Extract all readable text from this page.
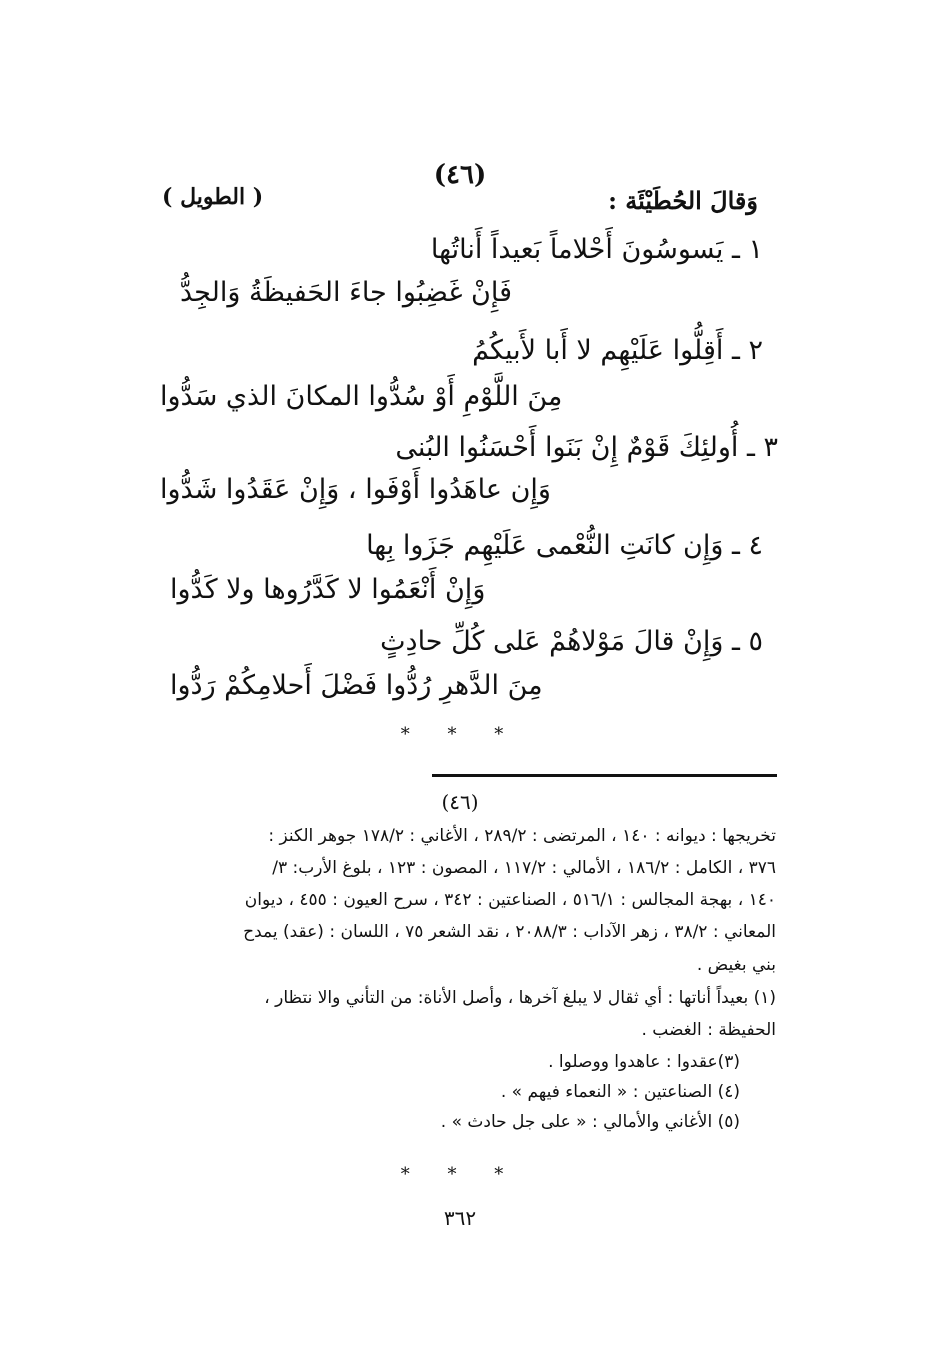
(٤٦)
وَقالَ الحُطَيْئَة :
( الطويل )
١ ـ يَسوسُونَ أَحْلاماً بَعيداً أَناتُها
فَإِنْ غَضِبُوا جاءَ الحَفيظَةُ وَالجِدُّ
٢ ـ أَقِلُّوا عَلَيْهِم لا أَبا لأَبيكُمُ
مِنَ اللَّوْمِ أَوْ سُدُّوا المكانَ الذي سَدُّوا
٣ ـ أُولئِكَ قَوْمٌ إِنْ بَنَوا أَحْسَنُوا البُنى
وَإِن عاهَدُوا أَوْفَوا ، وَإِنْ عَقَدُوا شَدُّوا
٤ ـ وَإِن كانَتِ النُّعْمى عَلَيْهِم جَزَوا بِها
وَإِنْ أَنْعَمُوا لا كَدَّرُوها ولا كَدُّوا
٥ ـ وَإِنْ قالَ مَوْلاهُمْ عَلى كُلِّ حادِثٍ
مِنَ الدَّهرِ رُدُّوا فَضْلَ أَحلامِكُمْ رَدُّوا
* * *
(٤٦)
تخريجها : ديوانه : ١٤٠ ، المرتضى : ٢٨٩/٢ ، الأغاني : ١٧٨/٢ جوهر الكنز :
٣٧٦ ، الكامل : ١٨٦/٢ ، الأمالي : ١١٧/٢ ، المصون : ١٢٣ ، بلوغ الأرب: ٣/
١٤٠ ، بهجة المجالس : ٥١٦/١ ، الصناعتين : ٣٤٢ ، سرح العيون : ٤٥٥ ، ديوان
المعاني : ٣٨/٢ ، زهر الآداب : ٢٠٨٨/٣ ، نقد الشعر ٧٥ ، اللسان : (عقد) يمدح
بني بغيض .
(١) بعيداً أناتها : أي ثقال لا يبلغ آخرها ، وأصل الأناة: من التأني والا نتظار ،
الحفيظة : الغضب .
(٣)عقدوا : عاهدوا ووصلوا .
(٤) الصناعتين : « النعماء فيهم » .
(٥) الأغاني والأمالي : « على جل حادث » .
* * *
٣٦٢
